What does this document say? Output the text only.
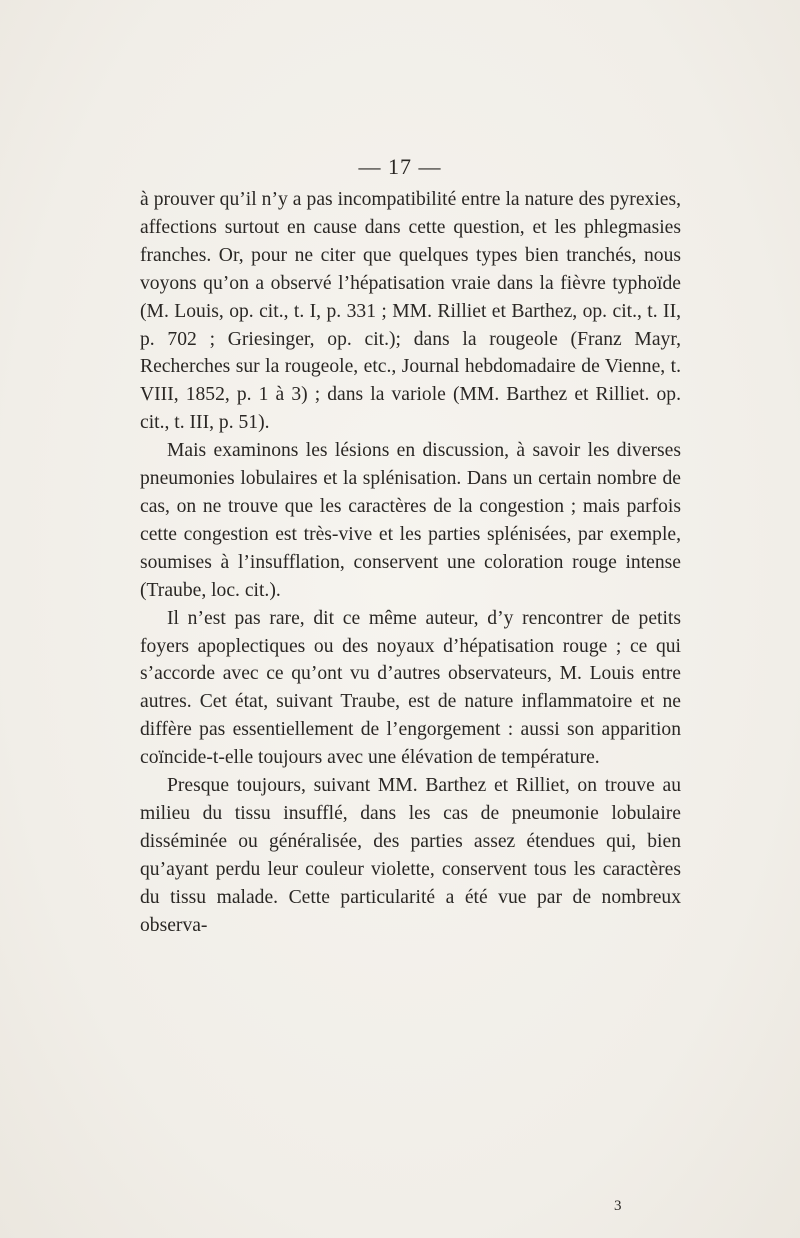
— 17 —

à prouver qu’il n’y a pas incompatibilité entre la nature des pyrexies, affections surtout en cause dans cette question, et les phlegmasies franches. Or, pour ne citer que quelques types bien tranchés, nous voyons qu’on a observé l’hépatisation vraie dans la fièvre typhoïde (M. Louis, op. cit., t. I, p. 331 ; MM. Rilliet et Barthez, op. cit., t. II, p. 702 ; Griesinger, op. cit.); dans la rougeole (Franz Mayr, Recherches sur la rougeole, etc., Journal hebdomadaire de Vienne, t. VIII, 1852, p. 1 à 3) ; dans la variole (MM. Barthez et Rilliet. op. cit., t. III, p. 51).

Mais examinons les lésions en discussion, à savoir les diverses pneumonies lobulaires et la splénisation. Dans un certain nombre de cas, on ne trouve que les caractères de la congestion ; mais parfois cette congestion est très-vive et les parties splénisées, par exemple, soumises à l’insufflation, conservent une coloration rouge intense (Traube, loc. cit.).

Il n’est pas rare, dit ce même auteur, d’y rencontrer de petits foyers apoplectiques ou des noyaux d’hépatisation rouge ; ce qui s’accorde avec ce qu’ont vu d’autres observateurs, M. Louis entre autres. Cet état, suivant Traube, est de nature inflammatoire et ne diffère pas essentiellement de l’engorgement : aussi son apparition coïncide-t-elle toujours avec une élévation de température.

Presque toujours, suivant MM. Barthez et Rilliet, on trouve au milieu du tissu insufflé, dans les cas de pneumonie lobulaire disséminée ou généralisée, des parties assez étendues qui, bien qu’ayant perdu leur couleur violette, conservent tous les caractères du tissu malade. Cette particularité a été vue par de nombreux observa-

3
